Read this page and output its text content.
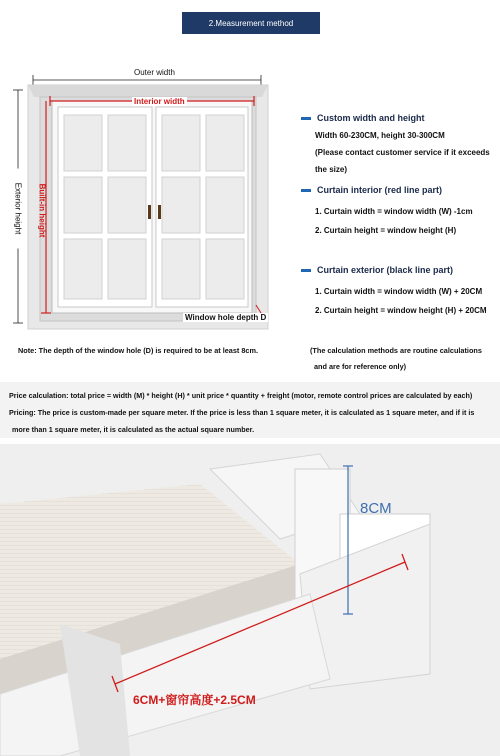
2.Measurement method
Outer width
Interior width
Exterior height Built-in height
Window hole depth D
Custom width and height
Width 60-230CM, height 30-300CM
(Please contact customer service if it exceeds
the size)
Curtain interior (red line part)
1. Curtain width = window width (W) -1cm
2. Curtain height = window height (H)
Curtain exterior (black line part)
1. Curtain width = window width (W) + 20CM
2. Curtain height = window height (H) + 20CM
Note: The depth of the window hole (D) is required to be at least 8cm.	(The calculation methods are routine calculations
and are for reference only)
Price calculation: total price = width (M) * height (H) * unit price * quantity + freight (motor, remote control prices are calculated by each)
Pricing: The price is custom-made per square meter. If the price is less than 1 square meter, it is calculated as 1 square meter, and if it is
more than 1 square meter, it is calculated as the actual square number.
8CM
6CM+窗帘高度+2.5CM
